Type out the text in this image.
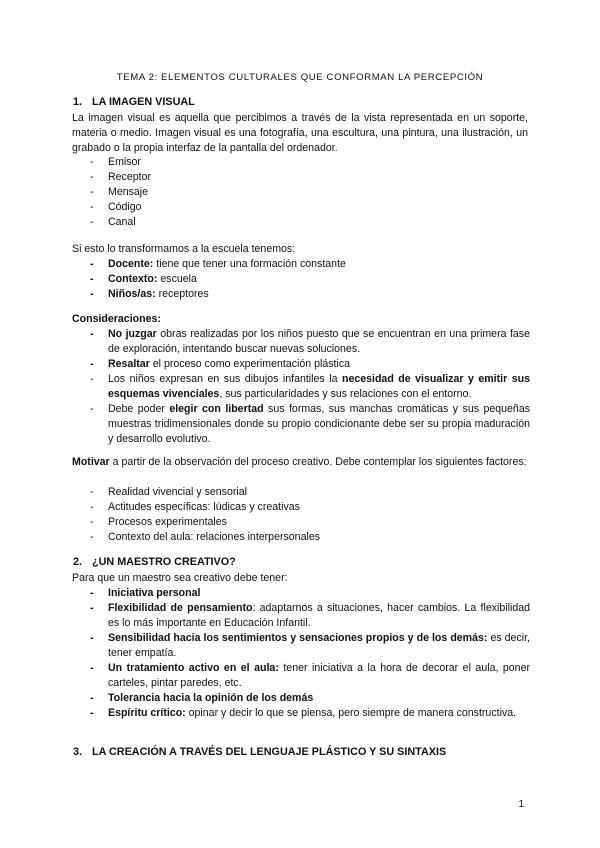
TEMA 2: ELEMENTOS CULTURALES QUE CONFORMAN LA PERCEPCIÓN
1. LA IMAGEN VISUAL
La imagen visual es aquella que percibimos a través de la vista representada en un soporte, materia o medio. Imagen visual es una fotografía, una escultura, una pintura, una ilustración, un grabado o la propia interfaz de la pantalla del ordenador.
- Emisor
- Receptor
- Mensaje
- Código
- Canal
Si esto lo transformamos a la escuela tenemos:
- Docente: tiene que tener una formación constante
- Contexto: escuela
- Niños/as: receptores
Consideraciones:
- No juzgar obras realizadas por los niños puesto que se encuentran en una primera fase de exploración, intentando buscar nuevas soluciones.
- Resaltar el proceso como experimentación plástica
- Los niños expresan en sus dibujos infantiles la necesidad de visualizar y emitir sus esquemas vivenciales, sus particularidades y sus relaciones con el entorno.
- Debe poder elegir con libertad sus formas, sus manchas cromáticas y sus pequeñas muestras tridimensionales donde su propio condicionante debe ser su propia maduración y desarrollo evolutivo.
Motivar a partir de la observación del proceso creativo. Debe contemplar los siguientes factores:
- Realidad vivencial y sensorial
- Actitudes específicas: lúdicas y creativas
- Procesos experimentales
- Contexto del aula: relaciones interpersonales
2. ¿UN MAESTRO CREATIVO?
Para que un maestro sea creativo debe tener:
- Iniciativa personal
- Flexibilidad de pensamiento: adaptarnos a situaciones, hacer cambios. La flexibilidad es lo más importante en Educación Infantil.
- Sensibilidad hacia los sentimientos y sensaciones propios y de los demás: es decir, tener empatía.
- Un tratamiento activo en el aula: tener iniciativa a la hora de decorar el aula, poner carteles, pintar paredes, etc.
- Tolerancia hacia la opinión de los demás
- Espíritu crítico: opinar y decir lo que se piensa, pero siempre de manera constructiva.
3. LA CREACIÓN A TRAVÉS DEL LENGUAJE PLÁSTICO Y SU SINTAXIS
1
